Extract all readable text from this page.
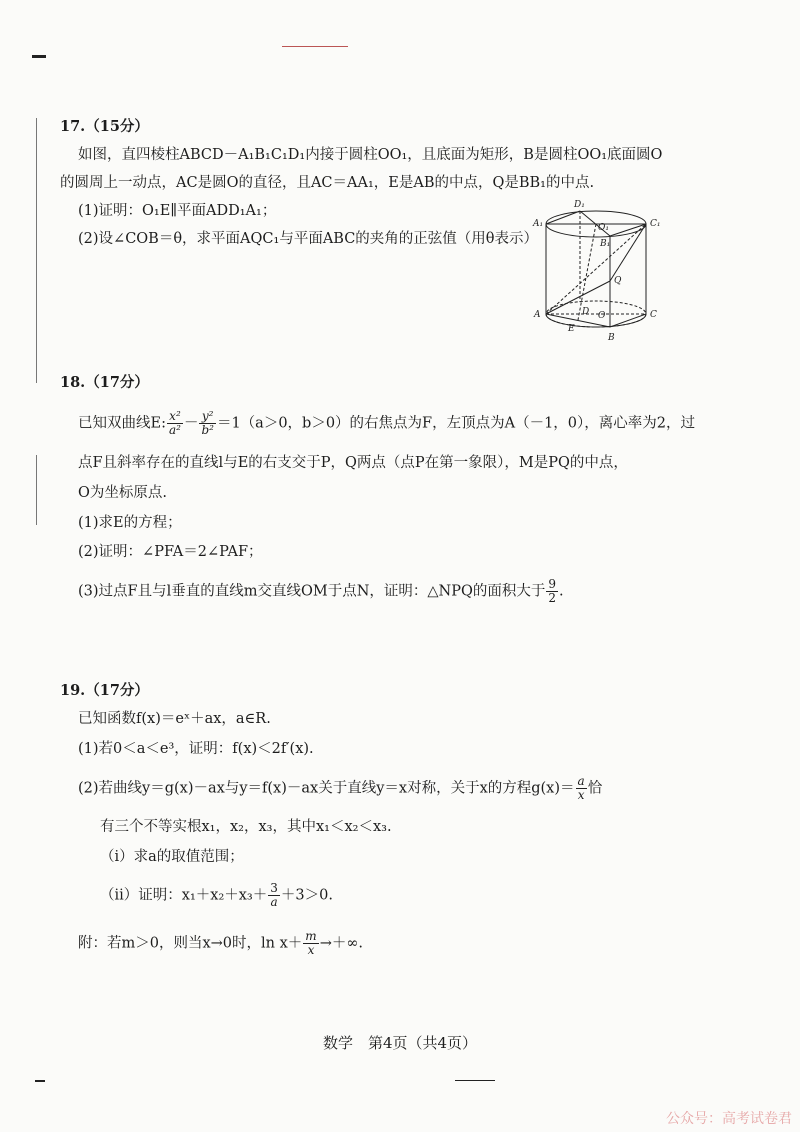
17.（15分）
如图，直四棱柱ABCD－A₁B₁C₁D₁内接于圆柱OO₁，且底面为矩形，B是圆柱OO₁底面圆O
的圆周上一动点，AC是圆O的直径，且AC＝AA₁，E是AB的中点，Q是BB₁的中点.
(1)证明：O₁E∥平面ADD₁A₁；
(2)设∠COB＝θ，求平面AQC₁与平面ABC的夹角的正弦值（用θ表示）
A₁
D₁
O₁
B₁
C₁
Q
A
E
D O	C
B
18.（17分）
已知双曲线E: $\frac{\text{x²}}{\text{a²}} - \frac{\text{y²}}{\text{b²}} =1(a>0$，b＞0）的右焦点为F，左顶点为A（－1，0），离心率为2，过
点F且斜率存在的直线l与E的右支交于P，Q两点（点P在第一象限），M是PQ的中点，
O为坐标原点.
(1)求E的方程；
(2)证明：∠PFA＝2∠PAF；
(3)过点F且与l垂直的直线m交直线OM于点N，证明：△NPQ的面积大于 $\frac{9}{2}$ .
19.（17分）
已知函数f(x)＝eˣ＋ax，a∈R.
(1)若0＜a＜e³，证明：f(x)＜2f′(x).
(2)若曲线y＝g(x)－ax与y＝f(x)－ax关于直线y＝x对称，关于x的方程$g(x)= \frac{a}{x}$ 恰
有三个不等实根x₁，x₂，x₃，其中x₁＜x₂＜x₃.
（ⅰ）求a的取值范围；
（ⅱ）证明：$x_1+x_2+x_3+ \frac{3}{a} +3>0$.
附：若m＞0，则当x→0时，$\ln x+ \frac{m}{x}$ →＋∞.
数学　第4页（共4页）
公众号：高考试卷君
